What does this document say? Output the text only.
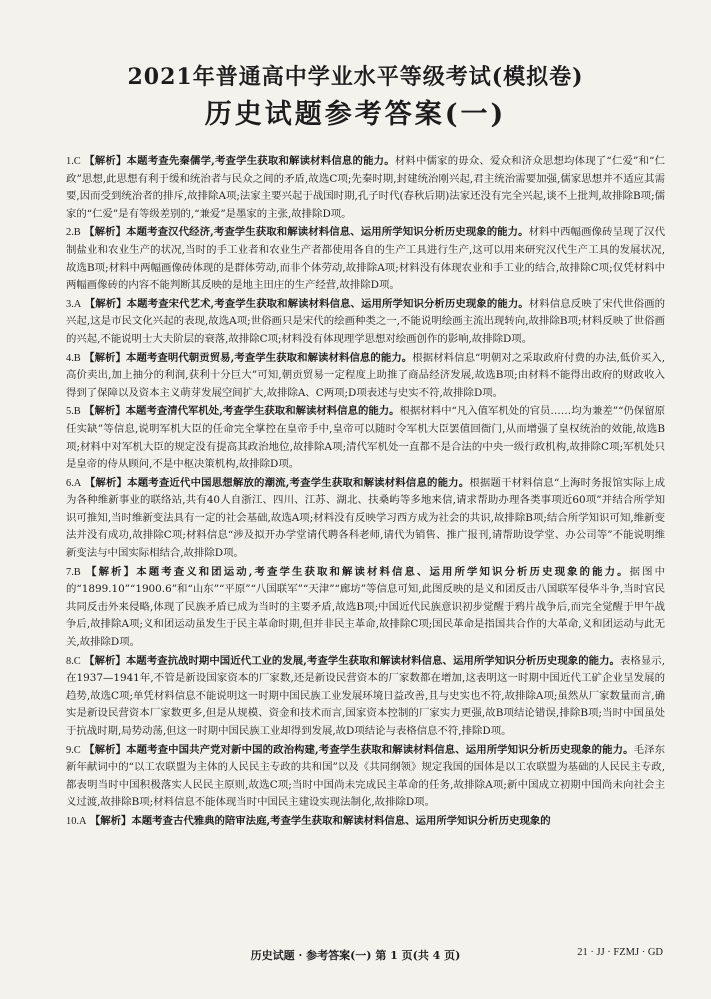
2021年普通高中学业水平等级考试(模拟卷)
历史试题参考答案(一)

1.C 【解析】本题考查先秦儒学,考查学生获取和解读材料信息的能力。材料中儒家的毋众、爱众和济众思想均体现了“仁爱”和“仁政”思想,此思想有利于缓和统治者与民众之间的矛盾,故选C项;先秦时期,封建统治刚兴起,君主统治需要加强,儒家思想并不适应其需要,因而受到统治者的排斥,故排除A项;法家主要兴起于战国时期,孔子时代(春秋后期)法家还没有完全兴起,谈不上批判,故排除B项;儒家的“仁爱”是有等级差别的,“兼爱”是墨家的主张,故排除D项。

2.B 【解析】本题考查汉代经济,考查学生获取和解读材料信息、运用所学知识分析历史现象的能力。材料中西幅画像砖呈现了汉代制盐业和农业生产的状况,当时的手工业者和农业生产者都使用各自的生产工具进行生产,这可以用来研究汉代生产工具的发展状况,故选B项;材料中两幅画像砖体现的是群体劳动,而非个体劳动,故排除A项;材料没有体现农业和手工业的结合,故排除C项;仅凭材料中两幅画像砖的内容不能判断其反映的是地主田庄的生产经营,故排除D项。

3.A 【解析】本题考查宋代艺术,考查学生获取和解读材料信息、运用所学知识分析历史现象的能力。材料信息反映了宋代世俗画的兴起,这是市民文化兴起的表现,故选A项;世俗画只是宋代的绘画种类之一,不能说明绘画主流出现转向,故排除B项;材料反映了世俗画的兴起,不能说明士大夫阶层的衰落,故排除C项;材料没有体现理学思想对绘画创作的影响,故排除D项。

4.B 【解析】本题考查明代朝贡贸易,考查学生获取和解读材料信息的能力。根据材料信息“明朝对之采取政府付费的办法,低价买入,高价卖出,加上抽分的利润,获利十分巨大”可知,朝贡贸易一定程度上助推了商品经济发展,故选B项;由材料不能得出政府的财政收入得到了保障以及资本主义萌芽发展空间扩大,故排除A、C两项;D项表述与史实不符,故排除D项。

5.B 【解析】本题考查清代军机处,考查学生获取和解读材料信息的能力。根据材料中“凡入值军机处的官员……均为兼差”“仍保留原任实缺”等信息,说明军机大臣的任命完全掌控在皇帝手中,皇帝可以随时令军机大臣罢值回衙门,从而增强了皇权统治的效能,故选B项;材料中对军机大臣的规定没有提高其政治地位,故排除A项;清代军机处一直都不是合法的中央一级行政机构,故排除C项;军机处只是皇帝的侍从顾问,不是中枢决策机构,故排除D项。

6.A 【解析】本题考查近代中国思想解放的潮流,考查学生获取和解读材料信息的能力。根据题干材料信息“上海时务报馆实际上成为各种维新事业的联络站,共有40人自浙江、四川、江苏、湖北、扶桑屿等多地来信,请求帮助办理各类事项近60项”并结合所学知识可推知,当时维新变法具有一定的社会基础,故选A项;材料没有反映学习西方成为社会的共识,故排除B项;结合所学知识可知,维新变法并没有成功,故排除C项;材料信息“涉及拟开办学堂请代聘各科老师,请代为销售、推广报刊,请帮助设学堂、办公司等”不能说明维新变法与中国实际相结合,故排除D项。

7.B 【解析】本题考查义和团运动,考查学生获取和解读材料信息、运用所学知识分析历史现象的能力。据图中的“1899.10”“1900.6”和“山东”“平原”“八国联军”“天津”“廊坊”等信息可知,此图反映的是义和团反击八国联军侵华斗争,当时官民共同反击外来侵略,体现了民族矛盾已成为当时的主要矛盾,故选B项;中国近代民族意识初步觉醒于鸦片战争后,而完全觉醒于甲午战争后,故排除A项;义和团运动虽发生于民主革命时期,但并非民主革命,故排除C项;国民革命是指国共合作的大革命,义和团运动与此无关,故排除D项。

8.C 【解析】本题考查抗战时期中国近代工业的发展,考查学生获取和解读材料信息、运用所学知识分析历史现象的能力。表格显示,在1937—1941年,不管是新设国家资本的厂家数,还是新设民营资本的厂家数都在增加,这表明这一时期中国近代工矿企业呈发展的趋势,故选C项;单凭材料信息不能说明这一时期中国民族工业发展环境日益改善,且与史实也不符,故排除A项;虽然从厂家数量而言,确实是新设民营资本厂家数更多,但是从规模、资金和技术而言,国家资本控制的厂家实力更强,故B项结论错误,排除B项;当时中国虽处于抗战时期,局势动荡,但这一时期中国民族工业却得到发展,故D项结论与表格信息不符,排除D项。

9.C 【解析】本题考查中国共产党对新中国的政治构建,考查学生获取和解读材料信息、运用所学知识分析历史现象的能力。毛泽东新年献词中的“以工农联盟为主体的人民民主专政的共和国”以及《共同纲领》规定我国的国体是以工农联盟为基础的人民民主专政,都表明当时中国积极落实人民民主原则,故选C项;当时中国尚未完成民主革命的任务,故排除A项;新中国成立初期中国尚未向社会主义过渡,故排除B项;材料信息不能体现当时中国民主建设实现法制化,故排除D项。

10.A 【解析】本题考查古代雅典的陪审法庭,考查学生获取和解读材料信息、运用所学知识分析历史现象的

历史试题 · 参考答案(一) 第 1 页(共 4 页)	21 · JJ · FZMJ · GD
